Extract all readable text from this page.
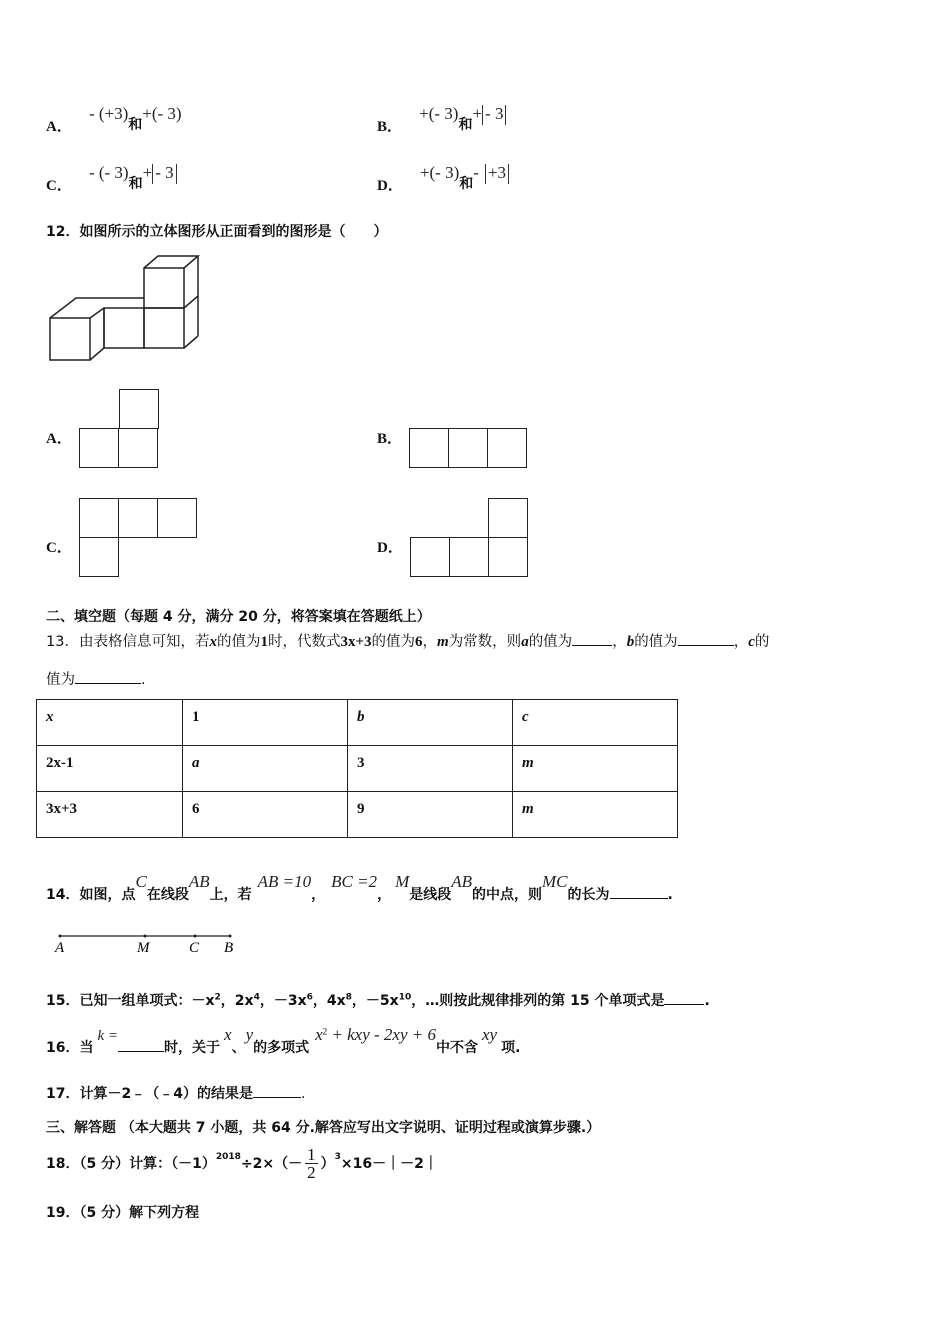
A． - (+3)和+(- 3)
B． +(- 3)和+ - 3
C． - (- 3)和+ - 3
D． +(- 3)和- +3
12．如图所示的立体图形从正面看到的图形是（　　）
A．	B．
C．	D．
二、填空题（每题 4 分，满分 20 分，将答案填在答题纸上）
13．由表格信息可知，若x的值为1时，代数式3x+3的值为6，m为常数，则a的值为	，b的值为	，c的
值为	.
x	1	b	c
2x-1	a	3	m
3x+3	6	9	m
14．如图，点C在线段AB上，若AB =10，BC =2，M是线段AB的中点，则MC的长为	.
A	M	C B
15．已知一组单项式：$-x^2$，$2x^4$，$-3x^6$，$4x^8$，$-5x^{10}$，…则按此规律排列的第 15 个单项式是	.
16．当k =时，关于x、y的多项式$x^2$ + kxy - 2xy + 6中不含xy项.
17．计算－2﹣（﹣4）的结果是	.
三、解答题 （本大题共 7 小题，共 64 分.解答应写出文字说明、证明过程或演算步骤.）
18．（5 分）计算：$(-1)^{2018} \div 2\times(- \frac{1}{2} )^3$ ×16－｜－2｜
19．（5 分）解下列方程
